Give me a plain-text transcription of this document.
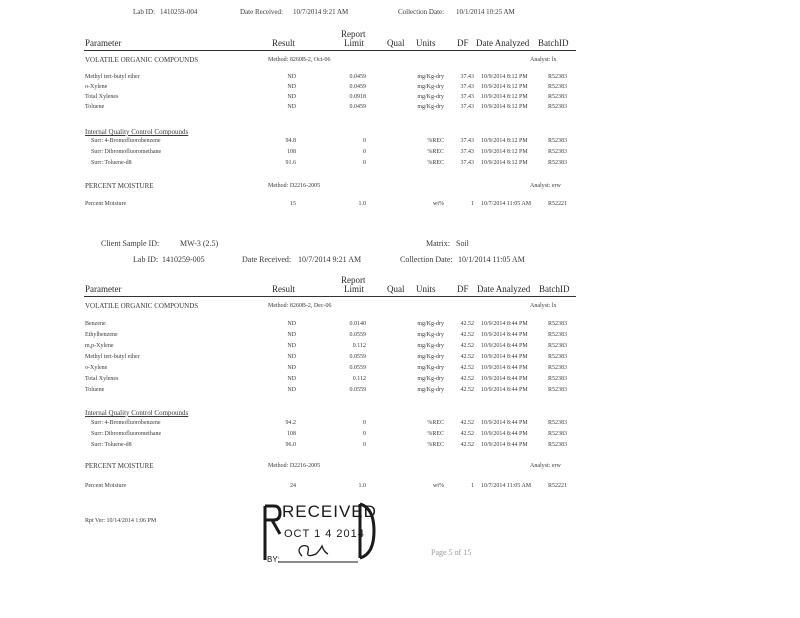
Lab ID: 1410259-004	Date Received: 10/7/2014 9:21 AM	Collection Date: 10/1/2014 10:25 AM
Parameter	Result
Report
Limit	Qual Units DF Date Analyzed BatchID
VOLATILE ORGANIC COMPOUNDS	Method: 8260B-2, Oct-06	Analyst: lx
Methyl tert-butyl ether	ND	0.0459	mg/Kg-dry	37.43 10/9/2014 8:12 PM	R52383
o-Xylene	ND	0.0459	mg/Kg-dry	37.43 10/9/2014 8:12 PM	R52383
Total Xylenes	ND	0.0918	mg/Kg-dry	37.43 10/9/2014 8:12 PM	R52383
Toluene	ND	0.0459	mg/Kg-dry	37.43 10/9/2014 8:12 PM	R52383
Internal Quality Control Compounds
Surr: 4-Bromofluorobenzene	94.8	0	%REC	37.43 10/9/2014 8:12 PM	R52383
Surr: Dibromofluoromethane	108	0	%REC	37.43 10/9/2014 8:12 PM	R52383
Surr: Toluene-d8	91.6	0	%REC	37.43 10/9/2014 8:12 PM	R52383
PERCENT MOISTURE	Method: D2216-2005	Analyst: erw
Percent Moisture	15	1.0	wt%	1 10/7/2014 11:05 AM	R52221
Client Sample ID:	MW-3 (2.5)	Matrix: Soil
Lab ID: 1410259-005	Date Received: 10/7/2014 9:21 AM	Collection Date: 10/1/2014 11:05 AM
Parameter	Result
Report
Limit	Qual Units DF Date Analyzed BatchID
VOLATILE ORGANIC COMPOUNDS	Method: 8260B-2, Dec-06	Analyst: lx
Benzene	ND	0.0140	mg/Kg-dry	42.52 10/9/2014 8:44 PM	R52383
Ethylbenzene	ND	0.0559	mg/Kg-dry	42.52 10/9/2014 8:44 PM	R52383
m,p-Xylene	ND	0.112	mg/Kg-dry	42.52 10/9/2014 8:44 PM	R52383
Methyl tert-butyl ether	ND	0.0559	mg/Kg-dry	42.52 10/9/2014 8:44 PM	R52383
o-Xylene	ND	0.0559	mg/Kg-dry	42.52 10/9/2014 8:44 PM	R52383
Total Xylenes	ND	0.112	mg/Kg-dry	42.52 10/9/2014 8:44 PM	R52383
Toluene	ND	0.0559	mg/Kg-dry	42.52 10/9/2014 8:44 PM	R52383
Internal Quality Control Compounds
Surr: 4-Bromofluorobenzene	94.2	0	%REC	42.52 10/9/2014 8:44 PM	R52383
Surr: Dibromofluoromethane	108	0	%REC	42.52 10/9/2014 8:44 PM	R52383
Surr: Toluene-d8	96.0	0	%REC	42.52 10/9/2014 8:44 PM	R52383
PERCENT MOISTURE	Method: D2216-2005	Analyst: erw
Percent Moisture	24	1.0	wt%	1 10/7/2014 11:05 AM	R52221
Rpt Ver: 10/14/2014 1:06 PM
Page 5 of 15
RECEIVED
OCT 1 4 2014
BY:
